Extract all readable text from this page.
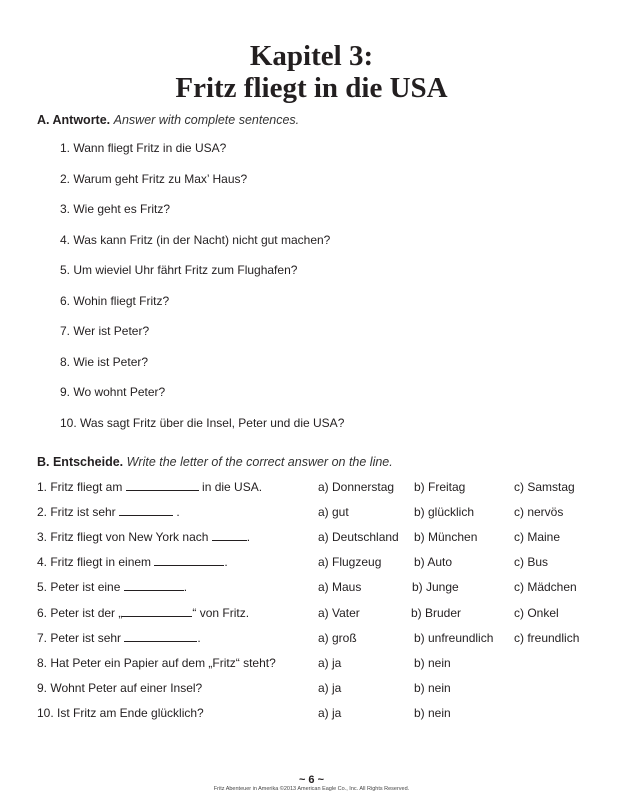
Kapitel 3:
Fritz fliegt in die USA
A. Antworte. Answer with complete sentences.
1. Wann fliegt Fritz in die USA?
2. Warum geht Fritz zu Max’ Haus?
3. Wie geht es Fritz?
4. Was kann Fritz (in der Nacht) nicht gut machen?
5. Um wieviel Uhr fährt Fritz zum Flughafen?
6. Wohin fliegt Fritz?
7. Wer ist Peter?
8. Wie ist Peter?
9. Wo wohnt Peter?
10. Was sagt Fritz über die Insel, Peter und die USA?
B. Entscheide. Write the letter of the correct answer on the line.
1. Fritz fliegt am	in die USA.	a) Donnerstag b) Freitag	c) Samstag
2. Fritz ist sehr	.	a) gut	b) glücklich	c) nervös
3. Fritz fliegt von New York nach	.	a) Deutschland b) München	c) Maine
4. Fritz fliegt in einem	.	a) Flugzeug	b) Auto	c) Bus
5. Peter ist eine	.	a) Maus	b) Junge	c) Mädchen
6. Peter ist der „	“ von Fritz.	a) Vater	b) Bruder	c) Onkel
7. Peter ist sehr	.	a) groß	b) unfreundlich c) freundlich
8. Hat Peter ein Papier auf dem „Fritz“ steht?	a) ja	b) nein
9. Wohnt Peter auf einer Insel?	a) ja	b) nein
10. Ist Fritz am Ende glücklich?	a) ja	b) nein
~ 6 ~
Fritz Abenteuer in Amerika ©2013 American Eagle Co., Inc. All Rights Reserved.
